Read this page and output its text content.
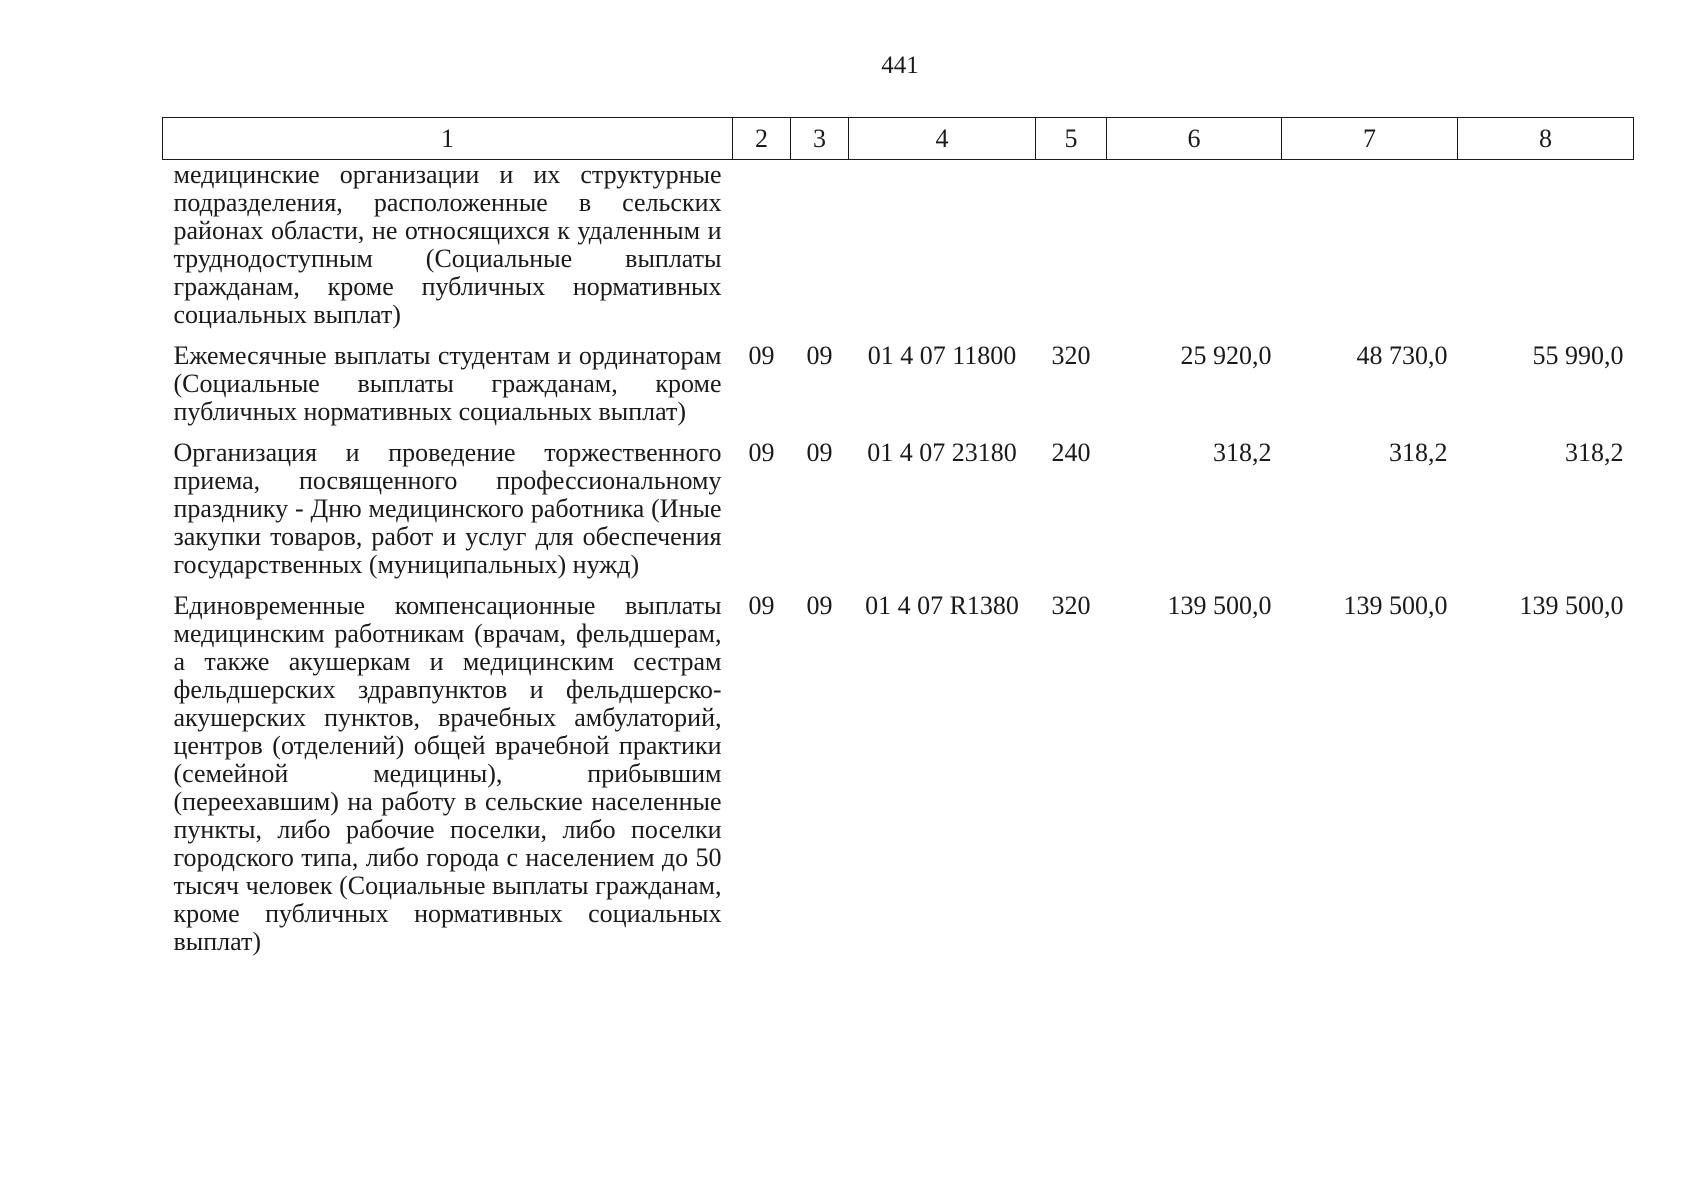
441
1	2	3	4	5	6	7	8
медицинские организации и их структурные подразделения, расположенные в сельских районах области, не относящихся к удаленным и труднодоступным (Социальные выплаты гражданам, кроме публичных нормативных социальных выплат)							
Ежемесячные выплаты студентам и ординаторам (Социальные выплаты гражданам, кроме публичных нормативных социальных выплат)	09	09	01 4 07 11800	320	25 920,0	48 730,0	55 990,0
Организация и проведение торжественного приема, посвященного профессиональному празднику - Дню медицинского работника (Иные закупки товаров, работ и услуг для обеспечения государственных (муниципальных) нужд)	09	09	01 4 07 23180	240	318,2	318,2	318,2
Единовременные компенсационные выплаты медицинским работникам (врачам, фельдшерам, а также акушеркам и медицинским сестрам фельдшерских здравпунктов и фельдшерско-акушерских пунктов, врачебных амбулаторий, центров (отделений) общей врачебной практики (семейной медицины), прибывшим (переехавшим) на работу в сельские населенные пункты, либо рабочие поселки, либо поселки городского типа, либо города с населением до 50 тысяч человек (Социальные выплаты гражданам, кроме публичных нормативных социальных выплат)	09	09	01 4 07 R1380	320	139 500,0	139 500,0	139 500,0
